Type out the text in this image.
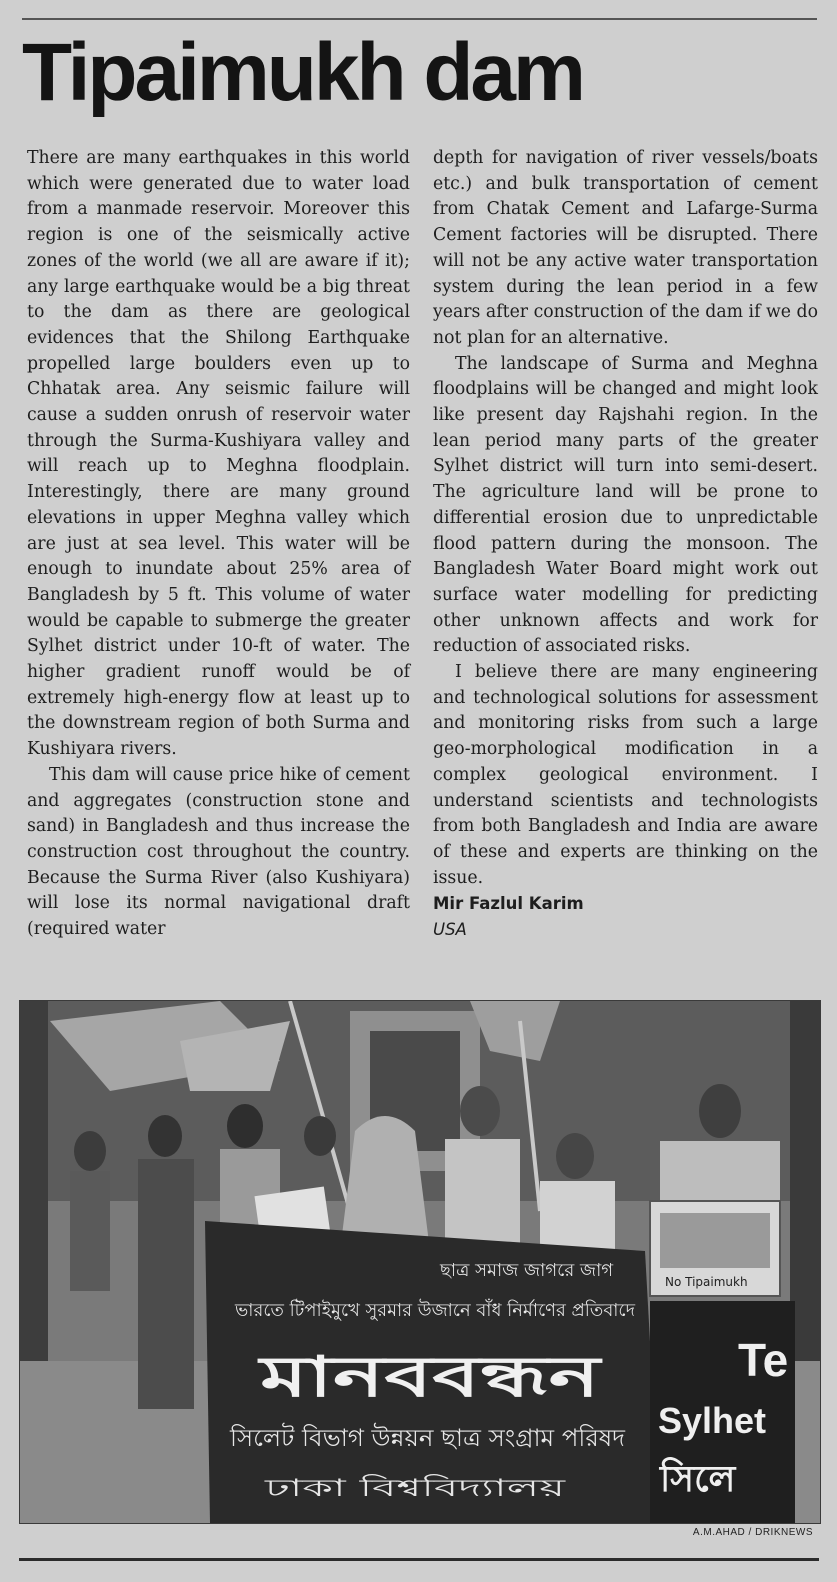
Tipaimukh dam

There are many earthquakes in this world which were generated due to water load from a manmade reservoir. Moreover this region is one of the seismically active zones of the world (we all are aware if it); any large earthquake would be a big threat to the dam as there are geological evidences that the Shilong Earthquake propelled large boulders even up to Chhatak area. Any seismic failure will cause a sudden onrush of reservoir water through the Surma-Kushiyara valley and will reach up to Meghna floodplain. Interestingly, there are many ground elevations in upper Meghna valley which are just at sea level. This water will be enough to inundate about 25% area of Bangladesh by 5 ft. This volume of water would be capable to submerge the greater Sylhet district under 10-ft of water. The higher gradient runoff would be of extremely high-energy flow at least up to the downstream region of both Surma and Kushiyara rivers.

This dam will cause price hike of cement and aggregates (construction stone and sand) in Bangladesh and thus increase the construction cost throughout the country. Because the Surma River (also Kushiyara) will lose its normal navigational draft (required water

depth for navigation of river vessels/boats etc.) and bulk transportation of cement from Chatak Cement and Lafarge-Surma Cement factories will be disrupted. There will not be any active water transportation system during the lean period in a few years after construction of the dam if we do not plan for an alternative.

The landscape of Surma and Meghna floodplains will be changed and might look like present day Rajshahi region. In the lean period many parts of the greater Sylhet district will turn into semi-desert. The agriculture land will be prone to differential erosion due to unpredictable flood pattern during the monsoon. The Bangladesh Water Board might work out surface water modelling for predicting other unknown affects and work for reduction of associated risks.

I believe there are many engineering and technological solutions for assessment and monitoring risks from such a large geo-morphological modification in a complex geological environment. I understand scientists and technologists from both Bangladesh and India are aware of these and experts are thinking on the issue.

Mir Fazlul Karim

USA

No Tipaimukh
ছাত্র সমাজ জাগরে জাগ
ভারতে টিপাইমুখে সুরমার উজানে বাঁধ নির্মাণের প্রতিবাদে
মানববন্ধন
সিলেট বিভাগ উন্নয়ন ছাত্র সংগ্রাম পরিষদ
ঢাকা বিশ্ববিদ্যালয়
Te
Sylhet
সিলে
A.M.AHAD / DRIKNEWS
